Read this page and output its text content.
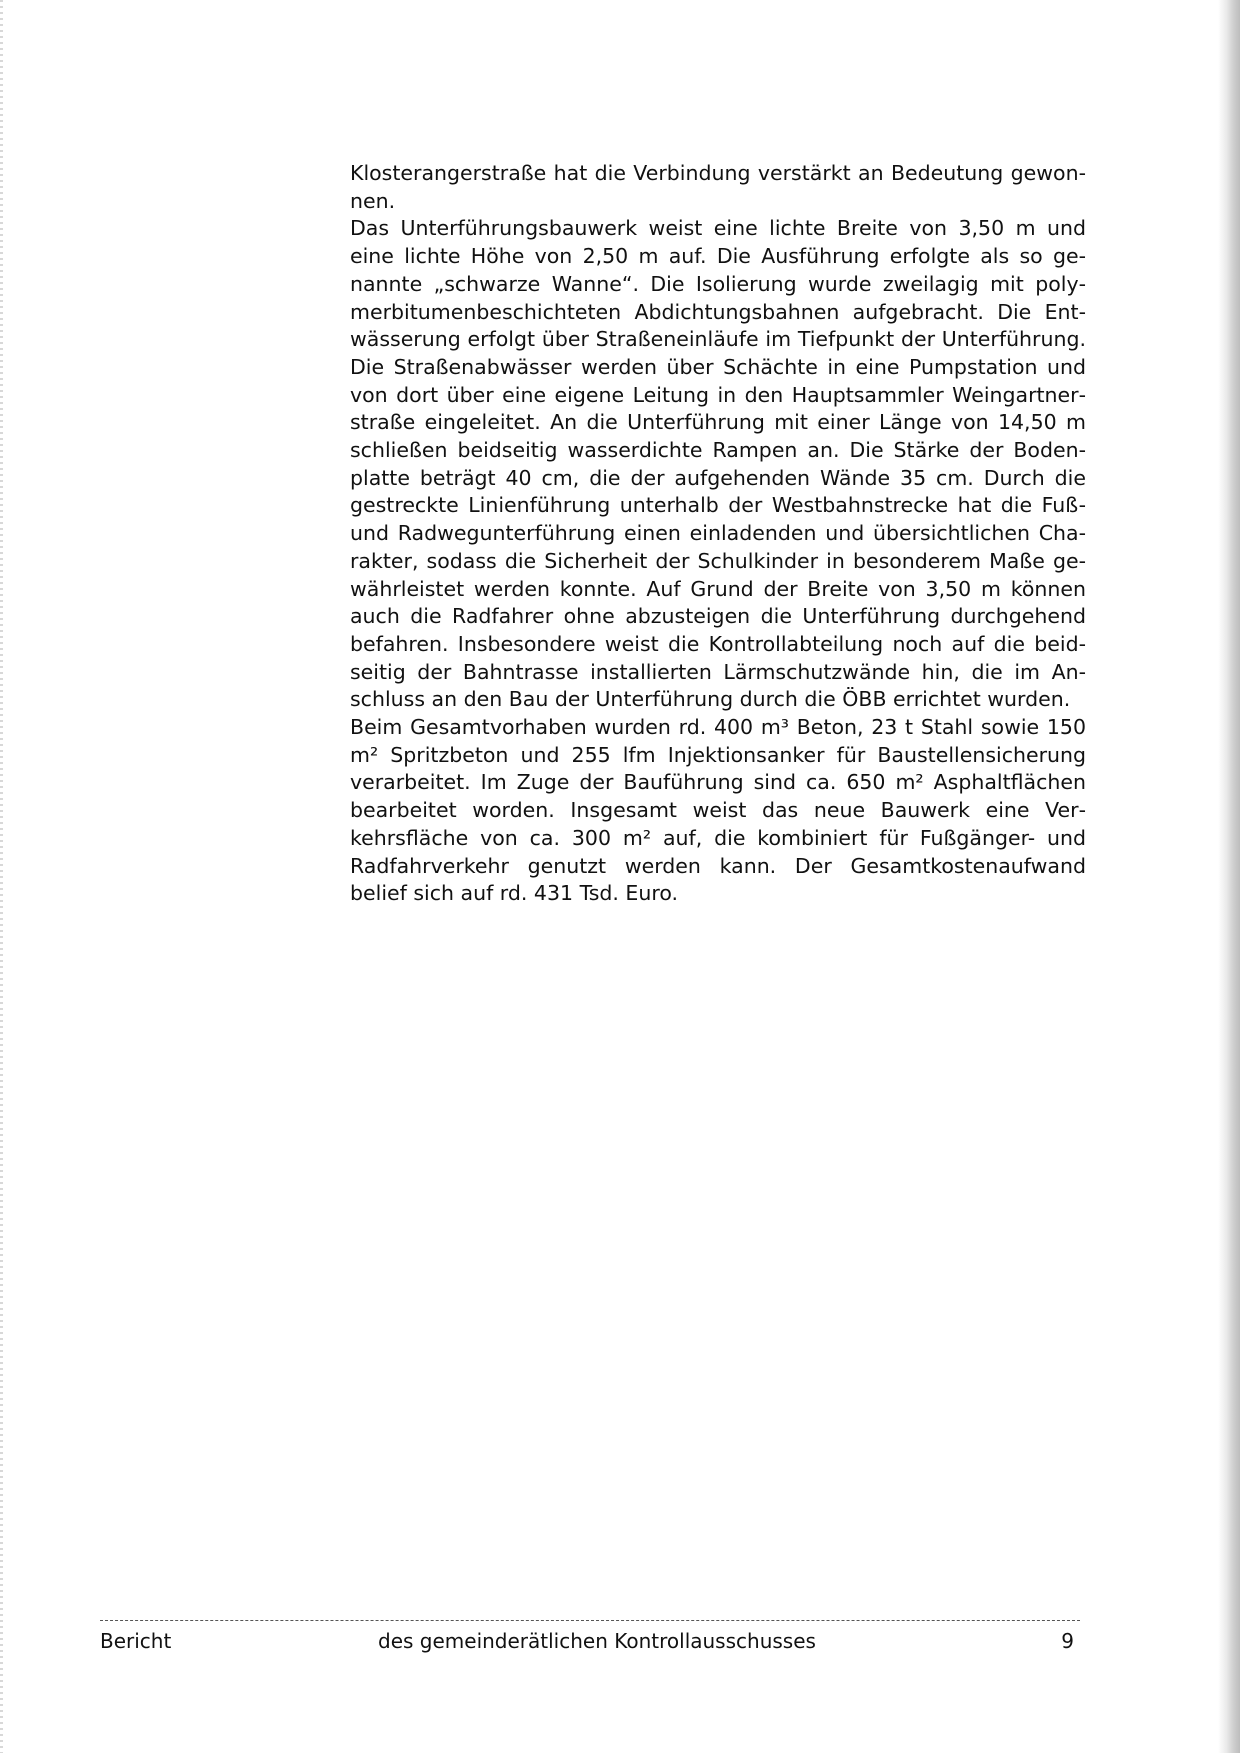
Klosterangerstraße hat die Verbindung verstärkt an Bedeutung gewonnen.

Das Unterführungsbauwerk weist eine lichte Breite von 3,50 m und eine lichte Höhe von 2,50 m auf. Die Ausführung erfolgte als so genannte „schwarze Wanne“. Die Isolierung wurde zweilagig mit polymerbitumenbeschichteten Abdichtungsbahnen aufgebracht. Die Entwässerung erfolgt über Straßeneinläufe im Tiefpunkt der Unterführung. Die Straßenabwässer werden über Schächte in eine Pumpstation und von dort über eine eigene Leitung in den Hauptsammler Weingartnerstraße eingeleitet. An die Unterführung mit einer Länge von 14,50 m schließen beidseitig wasserdichte Rampen an. Die Stärke der Bodenplatte beträgt 40 cm, die der aufgehenden Wände 35 cm. Durch die gestreckte Linienführung unterhalb der Westbahnstrecke hat die Fuß- und Radwegunterführung einen einladenden und übersichtlichen Charakter, sodass die Sicherheit der Schulkinder in besonderem Maße gewährleistet werden konnte. Auf Grund der Breite von 3,50 m können auch die Radfahrer ohne abzusteigen die Unterführung durchgehend befahren. Insbesondere weist die Kontrollabteilung noch auf die beidseitig der Bahntrasse installierten Lärmschutzwände hin, die im Anschluss an den Bau der Unterführung durch die ÖBB errichtet wurden.

Beim Gesamtvorhaben wurden rd. 400 m³ Beton, 23 t Stahl sowie 150 m² Spritzbeton und 255 lfm Injektionsanker für Baustellensicherung verarbeitet. Im Zuge der Bauführung sind ca. 650 m² Asphaltflächen bearbeitet worden. Insgesamt weist das neue Bauwerk eine Verkehrsfläche von ca. 300 m² auf, die kombiniert für Fußgänger- und Radfahrverkehr genutzt werden kann. Der Gesamtkostenaufwand belief sich auf rd. 431 Tsd. Euro.

Bericht	des gemeinderätlichen Kontrollausschusses	9
